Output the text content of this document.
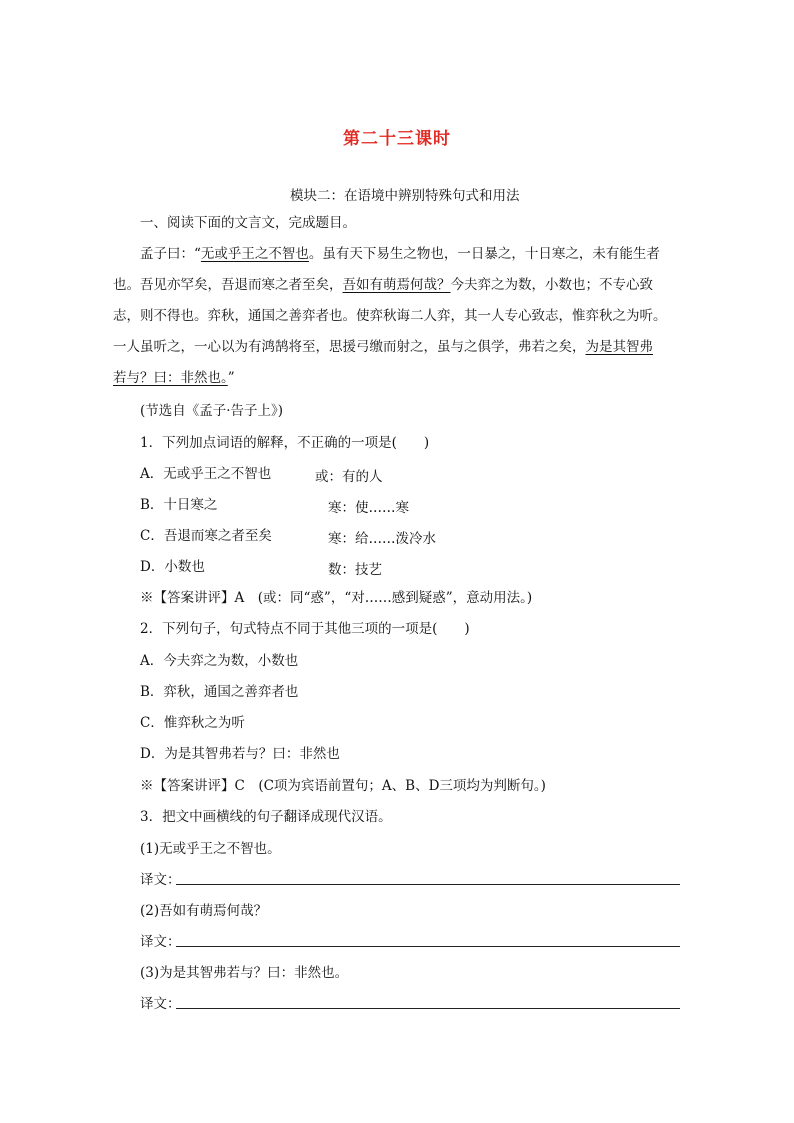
第二十三课时
模块二：在语境中辨别特殊句式和用法
一、阅读下面的文言文，完成题目。
孟子曰：“无或乎王之不智也。虽有天下易生之物也，一日暴之，十日寒之，未有能生者
也。吾见亦罕矣，吾退而寒之者至矣，吾如有萌焉何哉？今夫弈之为数，小数也；不专心致
志，则不得也。弈秋，通国之善弈者也。使弈秋诲二人弈，其一人专心致志，惟弈秋之为听。
一人虽听之，一心以为有鸿鹄将至，思援弓缴而射之，虽与之俱学，弗若之矣，为是其智弗
若与？曰：非然也。”
(节选自《孟子·告子上》)
1．下列加点词语的解释，不正确的一项是(　　)
A．无或乎王之不智也	或：有的人
B．十日寒之	寒：使……寒
C．吾退而寒之者至矣	寒：给……泼冷水
D．小数也	数：技艺
※【答案讲评】A　(或：同“惑”，“对……感到疑惑”，意动用法。)
2．下列句子，句式特点不同于其他三项的一项是(　　)
A．今夫弈之为数，小数也
B．弈秋，通国之善弈者也
C．惟弈秋之为听
D．为是其智弗若与？曰：非然也
※【答案讲评】C　(C项为宾语前置句；A、B、D三项均为判断句。)
3．把文中画横线的句子翻译成现代汉语。
(1)无或乎王之不智也。
译文：
(2)吾如有萌焉何哉？
译文：
(3)为是其智弗若与？曰：非然也。
译文：
